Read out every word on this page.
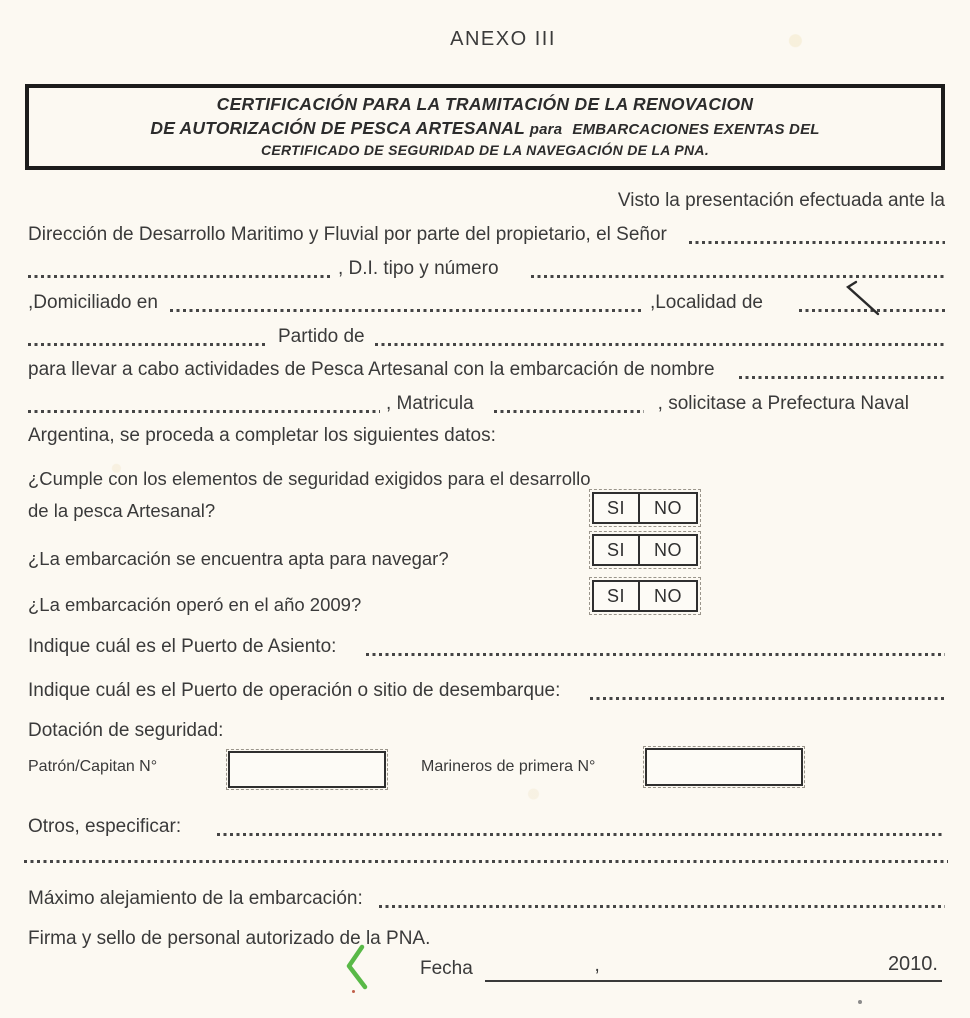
ANEXO III
CERTIFICACIÓN PARA LA TRAMITACIÓN DE LA RENOVACION
DE AUTORIZACIÓN DE PESCA ARTESANAL para EMBARCACIONES EXENTAS DEL
CERTIFICADO DE SEGURIDAD DE LA NAVEGACIÓN DE LA PNA.
Visto la presentación efectuada ante la
Dirección de Desarrollo Maritimo y Fluvial por parte del propietario, el Señor
, D.I. tipo y número
,Domiciliado en	,Localidad de
Partido de
para llevar a cabo actividades de Pesca Artesanal con la embarcación de nombre
, Matricula	, solicitase a Prefectura Naval
Argentina, se proceda a completar los siguientes datos:
¿Cumple con los elementos de seguridad exigidos para el desarrollo
de la pesca Artesanal?	SI	NO
¿La embarcación se encuentra apta para navegar?	SI	NO
¿La embarcación operó en el año 2009?	SI	NO
Indique cuál es el Puerto de Asiento:
Indique cuál es el Puerto de operación o sitio de desembarque:
Dotación de seguridad:
Patrón/Capitan N°	Marineros de primera N°
Otros, especificar:
Máximo alejamiento de la embarcación:
Firma y sello de personal autorizado de la PNA.
Fecha	,	2010.
